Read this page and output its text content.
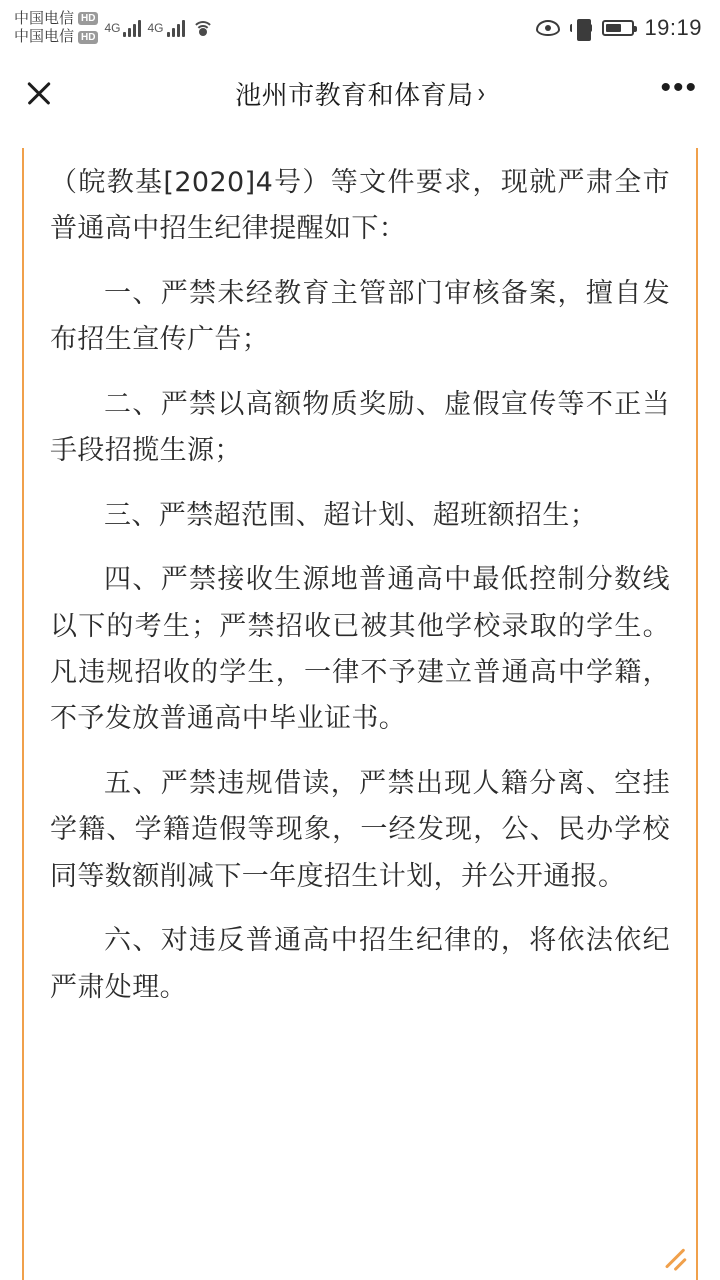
中国电信 HD
中国电信 HD
4G 4G	19:19
池州市教育和体育局 ›	•••

（皖教基[2020]4号）等文件要求，现就严肃全市普通高中招生纪律提醒如下：

一、严禁未经教育主管部门审核备案，擅自发布招生宣传广告；

二、严禁以高额物质奖励、虚假宣传等不正当手段招揽生源；

三、严禁超范围、超计划、超班额招生；

四、严禁接收生源地普通高中最低控制分数线以下的考生；严禁招收已被其他学校录取的学生。凡违规招收的学生，一律不予建立普通高中学籍，不予发放普通高中毕业证书。

五、严禁违规借读，严禁出现人籍分离、空挂学籍、学籍造假等现象，一经发现，公、民办学校同等数额削减下一年度招生计划，并公开通报。

六、对违反普通高中招生纪律的，将依法依纪严肃处理。
